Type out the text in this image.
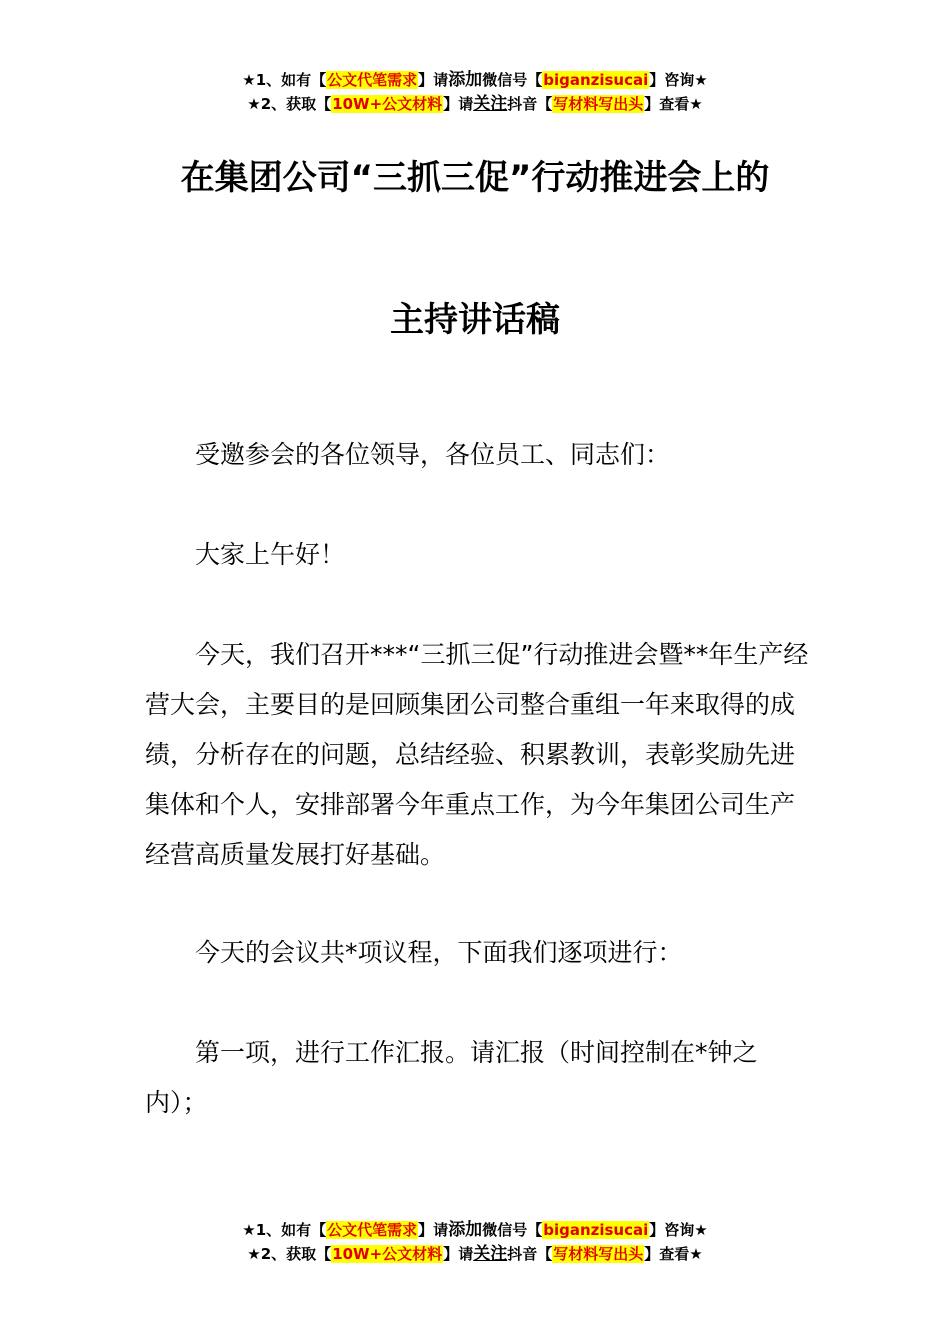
★1、如有【公文代笔需求】请添加微信号【biganzisucai】咨询★
★2、获取【10W+公文材料】请关注抖音【写材料写出头】查看★
在集团公司“三抓三促”行动推进会上的
主持讲话稿

受邀参会的各位领导，各位员工、同志们：

大家上午好！

今天，我们召开***“三抓三促”行动推进会暨**年生产经营大会，主要目的是回顾集团公司整合重组一年来取得的成绩，分析存在的问题，总结经验、积累教训，表彰奖励先进集体和个人，安排部署今年重点工作，为今年集团公司生产经营高质量发展打好基础。

今天的会议共*项议程，下面我们逐项进行：

第一项，进行工作汇报。请汇报（时间控制在*钟之内）；

★1、如有【公文代笔需求】请添加微信号【biganzisucai】咨询★
★2、获取【10W+公文材料】请关注抖音【写材料写出头】查看★
